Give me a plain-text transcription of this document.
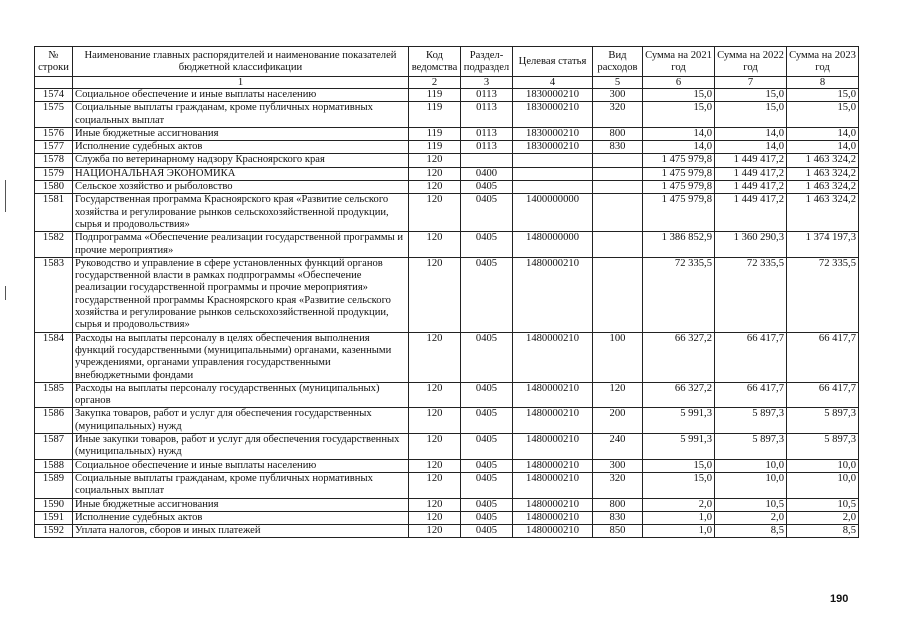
№ строки	Наименование главных распорядителей и наименование показателей бюджетной классификации	Код ведомства	Раздел-подраздел	Целевая статья	Вид расходов	Сумма на 2021 год	Сумма на 2022 год	Сумма на 2023 год
	1	2	3	4	5	6	7	8
1574	Социальное обеспечение и иные выплаты населению	119	0113	1830000210	300	15,0	15,0	15,0
1575	Социальные выплаты гражданам, кроме публичных нормативных социальных выплат	119	0113	1830000210	320	15,0	15,0	15,0
1576	Иные бюджетные ассигнования	119	0113	1830000210	800	14,0	14,0	14,0
1577	Исполнение судебных актов	119	0113	1830000210	830	14,0	14,0	14,0
1578	Служба по ветеринарному надзору Красноярского края	120				1 475 979,8	1 449 417,2	1 463 324,2
1579	НАЦИОНАЛЬНАЯ ЭКОНОМИКА	120	0400			1 475 979,8	1 449 417,2	1 463 324,2
1580	Сельское хозяйство и рыболовство	120	0405			1 475 979,8	1 449 417,2	1 463 324,2
1581	Государственная программа Красноярского края «Развитие сельского хозяйства и регулирование рынков сельскохозяйственной продукции, сырья и продовольствия»	120	0405	1400000000		1 475 979,8	1 449 417,2	1 463 324,2
1582	Подпрограмма «Обеспечение реализации государственной программы и прочие мероприятия»	120	0405	1480000000		1 386 852,9	1 360 290,3	1 374 197,3
1583	Руководство и управление в сфере установленных функций органов государственной власти в рамках подпрограммы «Обеспечение реализации государственной программы и прочие мероприятия» государственной программы Красноярского края «Развитие сельского хозяйства и регулирование рынков сельскохозяйственной продукции, сырья и продовольствия»	120	0405	1480000210		72 335,5	72 335,5	72 335,5
1584	Расходы на выплаты персоналу в целях обеспечения выполнения функций государственными (муниципальными) органами, казенными учреждениями, органами управления государственными внебюджетными фондами	120	0405	1480000210	100	66 327,2	66 417,7	66 417,7
1585	Расходы на выплаты персоналу государственных (муниципальных) органов	120	0405	1480000210	120	66 327,2	66 417,7	66 417,7
1586	Закупка товаров, работ и услуг для обеспечения государственных (муниципальных) нужд	120	0405	1480000210	200	5 991,3	5 897,3	5 897,3
1587	Иные закупки товаров, работ и услуг для обеспечения государственных (муниципальных) нужд	120	0405	1480000210	240	5 991,3	5 897,3	5 897,3
1588	Социальное обеспечение и иные выплаты населению	120	0405	1480000210	300	15,0	10,0	10,0
1589	Социальные выплаты гражданам, кроме публичных нормативных социальных выплат	120	0405	1480000210	320	15,0	10,0	10,0
1590	Иные бюджетные ассигнования	120	0405	1480000210	800	2,0	10,5	10,5
1591	Исполнение судебных актов	120	0405	1480000210	830	1,0	2,0	2,0
1592	Уплата налогов, сборов и иных платежей	120	0405	1480000210	850	1,0	8,5	8,5
190
